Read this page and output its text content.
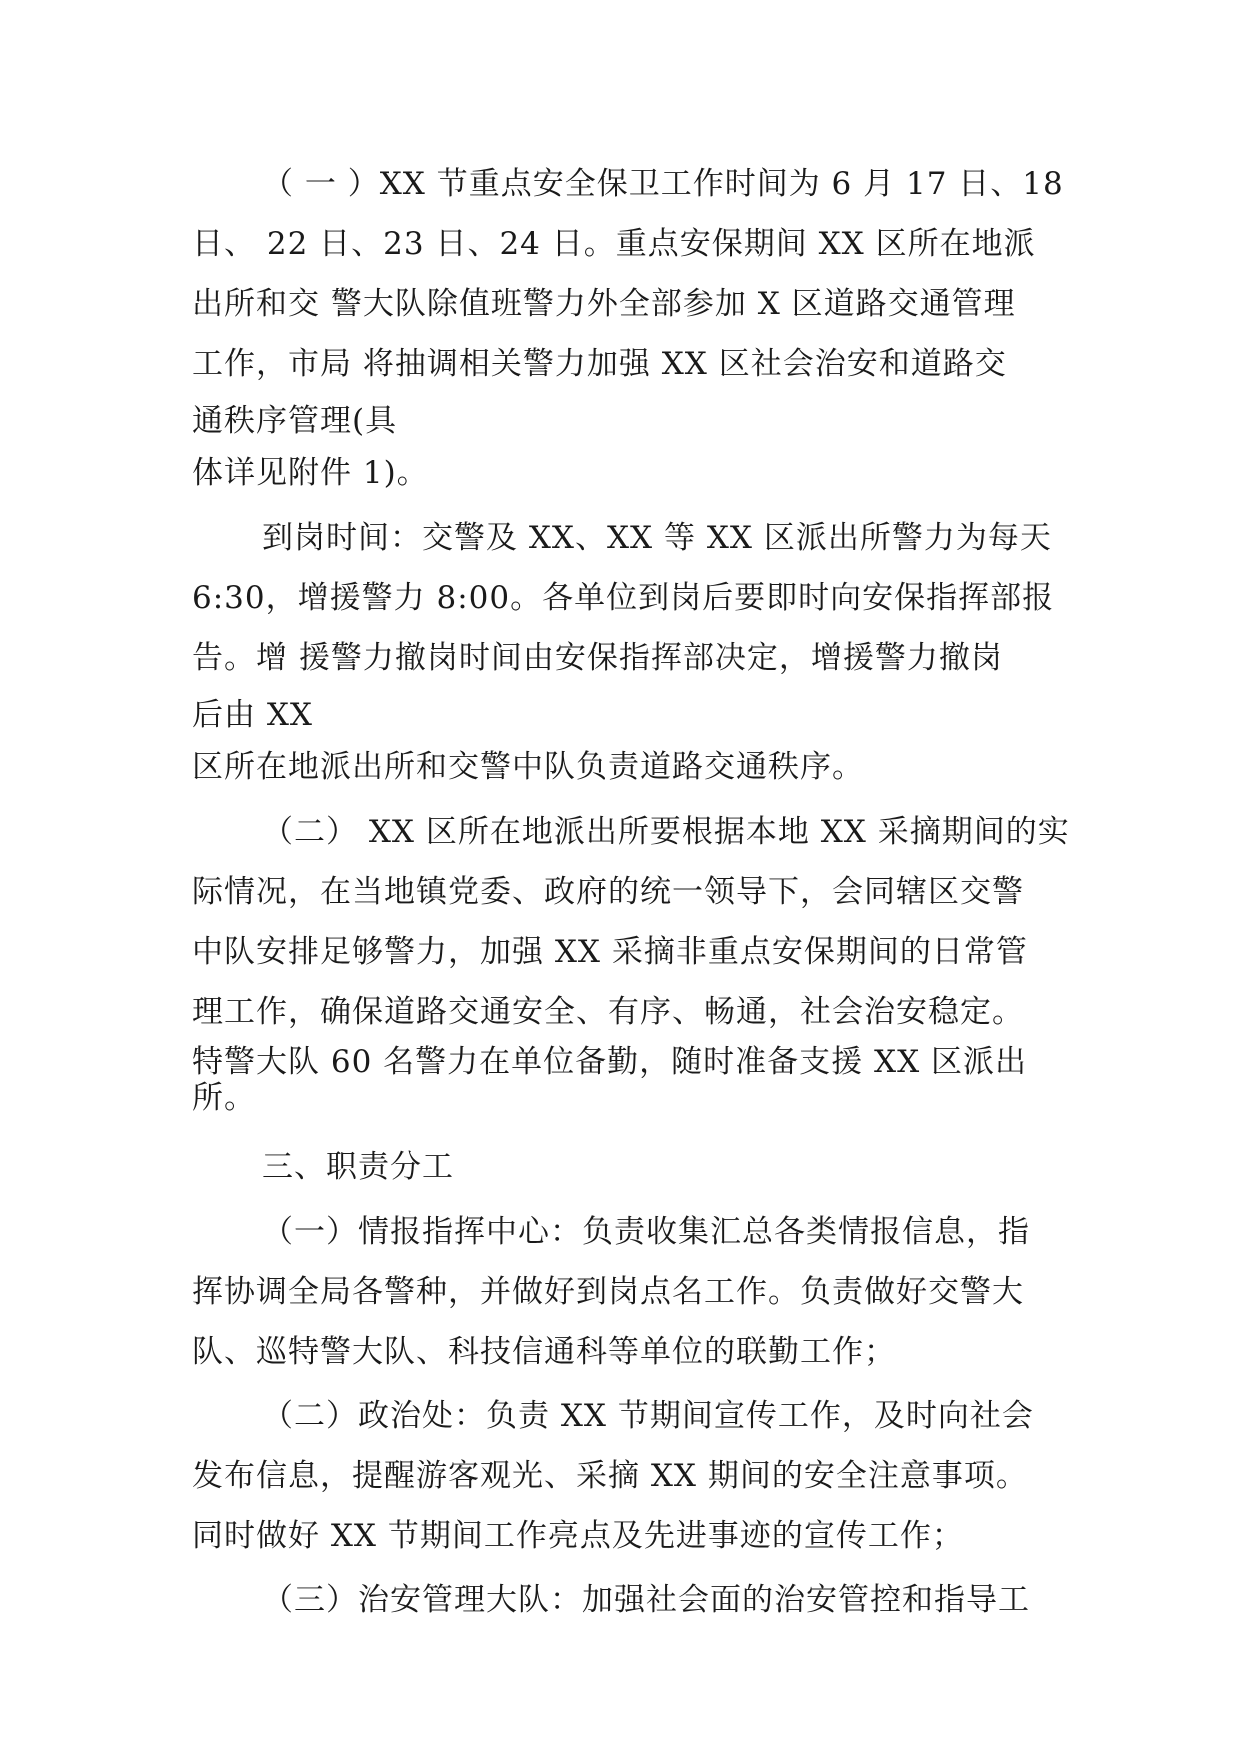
（ 一 ）XX 节重点安全保卫工作时间为 6 月 17 日、18
日、 22 日、23 日、24 日。重点安保期间 XX 区所在地派
出所和交 警大队除值班警力外全部参加 X 区道路交通管理
工作，市局 将抽调相关警力加强 XX 区社会治安和道路交
通秩序管理(具
体详见附件 1)。
到岗时间：交警及 XX、XX 等 XX 区派出所警力为每天
6:30，增援警力 8:00。各单位到岗后要即时向安保指挥部报
告。增 援警力撤岗时间由安保指挥部决定，增援警力撤岗
后由 XX
区所在地派出所和交警中队负责道路交通秩序。
（二） XX 区所在地派出所要根据本地 XX 采摘期间的实
际情况，在当地镇党委、政府的统一领导下，会同辖区交警
中队安排足够警力，加强 XX 采摘非重点安保期间的日常管
理工作，确保道路交通安全、有序、畅通，社会治安稳定。
特警大队 60 名警力在单位备勤，随时准备支援 XX 区派出
所。
三、职责分工
（一）情报指挥中心：负责收集汇总各类情报信息，指
挥协调全局各警种，并做好到岗点名工作。负责做好交警大
队、巡特警大队、科技信通科等单位的联勤工作；
（二）政治处：负责 XX 节期间宣传工作，及时向社会
发布信息，提醒游客观光、采摘 XX 期间的安全注意事项。
同时做好 XX 节期间工作亮点及先进事迹的宣传工作；
（三）治安管理大队：加强社会面的治安管控和指导工
